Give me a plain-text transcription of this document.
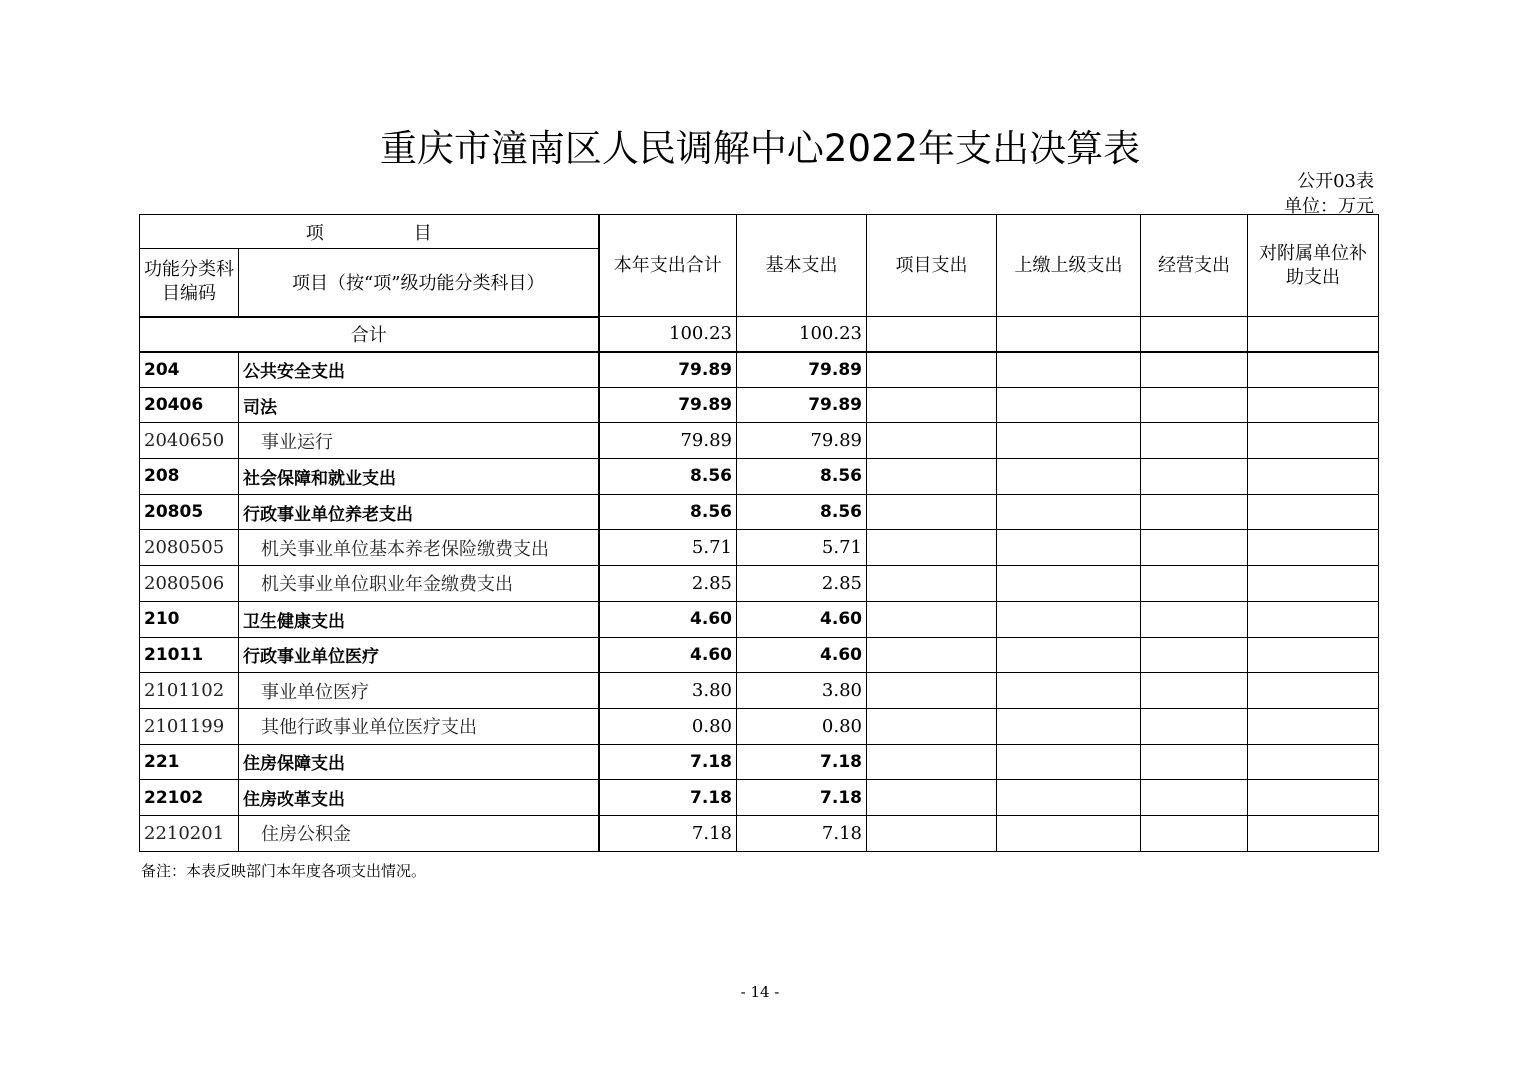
重庆市潼南区人民调解中心2022年支出决算表
公开03表
单位：万元
项　　　　　目		本年支出合计	基本支出	项目支出	上缴上级支出	经营支出	对附属单位补助支出
功能分类科目编码	项目（按“项”级功能分类科目）						
合计		100.23	100.23				
204	公共安全支出	79.89	79.89				
20406	司法	79.89	79.89				
2040650	事业运行	79.89	79.89				
208	社会保障和就业支出	8.56	8.56				
20805	行政事业单位养老支出	8.56	8.56				
2080505	机关事业单位基本养老保险缴费支出	5.71	5.71				
2080506	机关事业单位职业年金缴费支出	2.85	2.85				
210	卫生健康支出	4.60	4.60				
21011	行政事业单位医疗	4.60	4.60				
2101102	事业单位医疗	3.80	3.80				
2101199	其他行政事业单位医疗支出	0.80	0.80				
221	住房保障支出	7.18	7.18				
22102	住房改革支出	7.18	7.18				
2210201	住房公积金	7.18	7.18				
备注：本表反映部门本年度各项支出情况。
- 14 -
